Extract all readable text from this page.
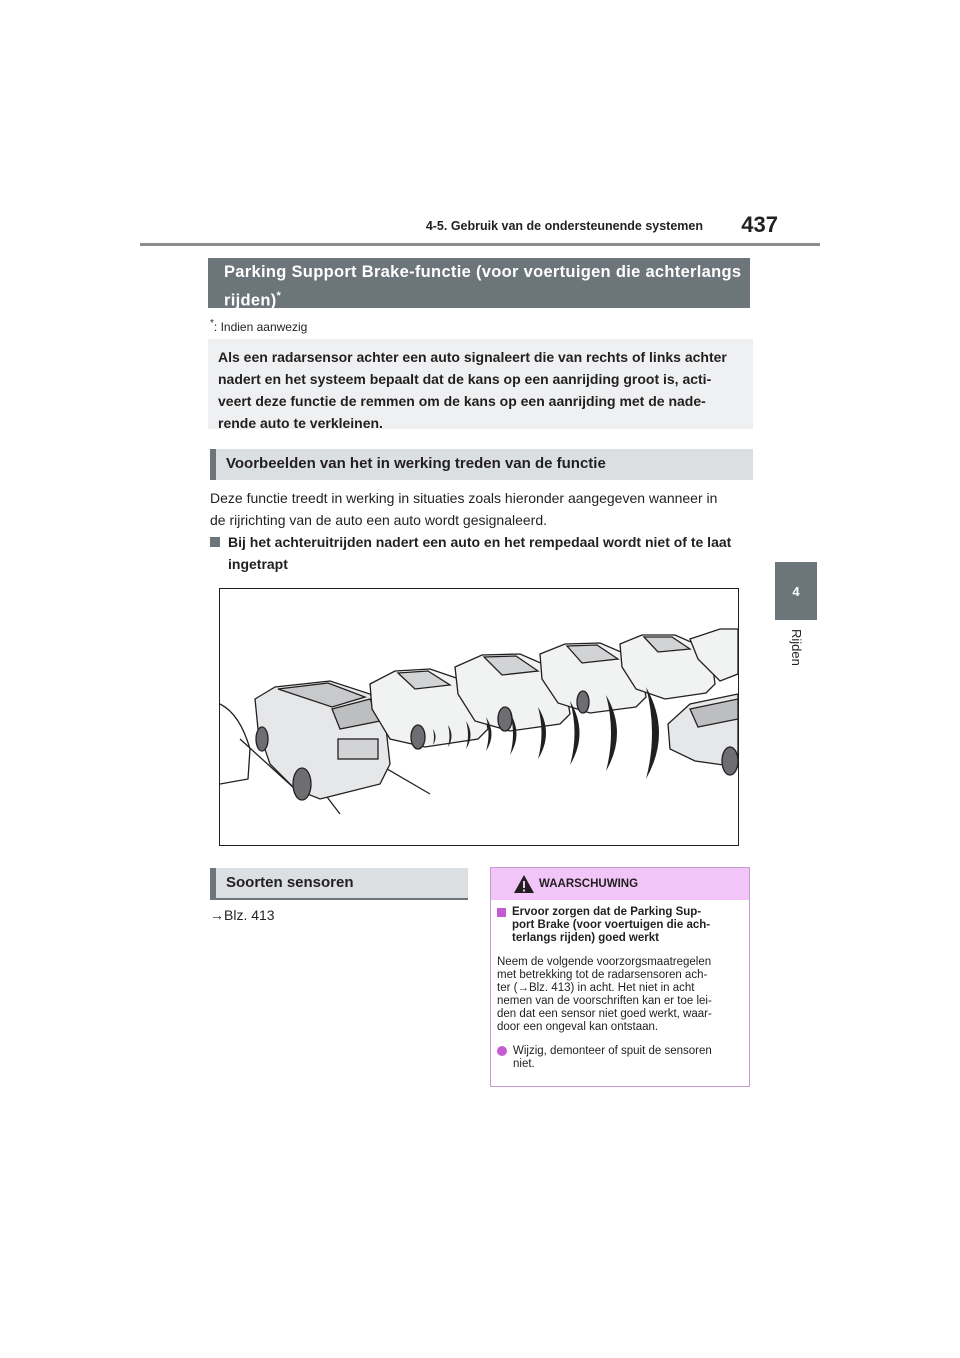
4-5. Gebruik van de ondersteunende systemen	437
4
Rijden
Parking Support Brake-functie (voor voertuigen die achterlangs rijden)*
*: Indien aanwezig
Als een radarsensor achter een auto signaleert die van rechts of links achter
nadert en het systeem bepaalt dat de kans op een aanrijding groot is, acti-
veert deze functie de remmen om de kans op een aanrijding met de nade-
rende auto te verkleinen.
Voorbeelden van het in werking treden van de functie
Deze functie treedt in werking in situaties zoals hieronder aangegeven wanneer in
de rijrichting van de auto een auto wordt gesignaleerd.
Bij het achteruitrijden nadert een auto en het rempedaal wordt niet of te laat
ingetrapt
Soorten sensoren
→Blz. 413
WAARSCHUWING
Ervoor zorgen dat de Parking Sup-
port Brake (voor voertuigen die ach-
terlangs rijden) goed werkt
Neem de volgende voorzorgsmaatregelen
met betrekking tot de radarsensoren ach-
ter (→Blz. 413) in acht. Het niet in acht
nemen van de voorschriften kan er toe lei-
den dat een sensor niet goed werkt, waar-
door een ongeval kan ontstaan.
Wijzig, demonteer of spuit de sensoren
niet.
